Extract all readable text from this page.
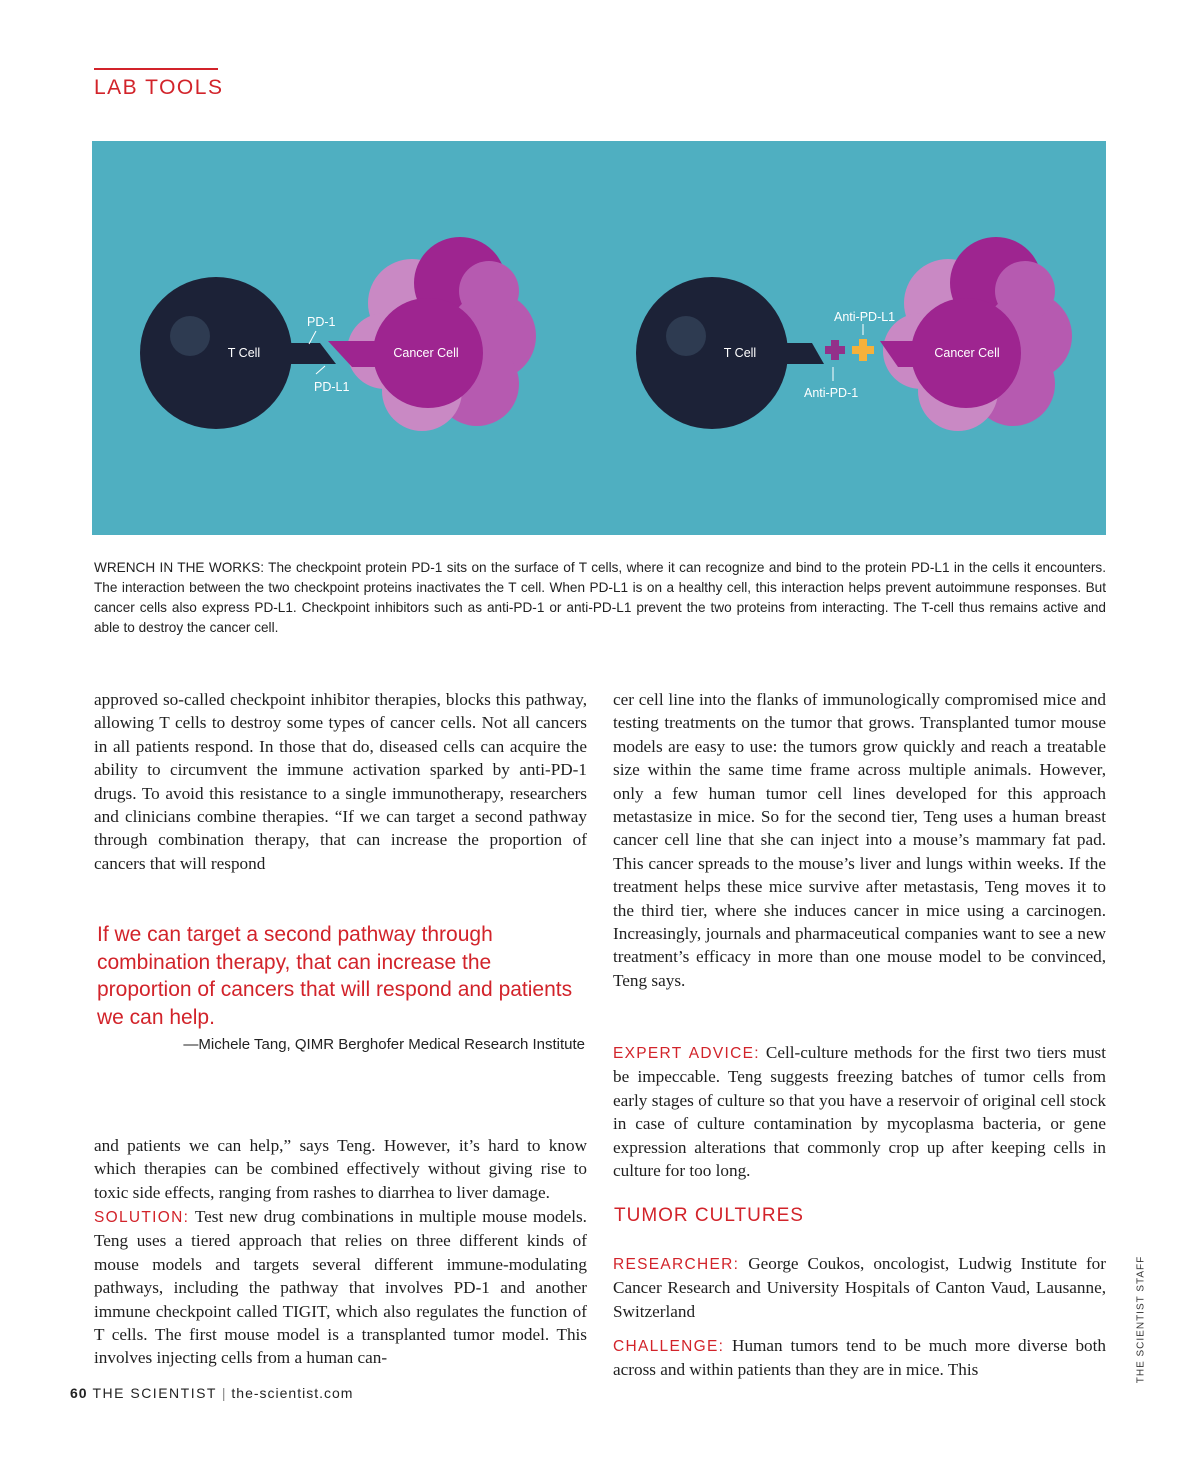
LAB TOOLS
T Cell	Cancer Cell
PD-1
PD-L1
T Cell	Cancer Cell
Anti-PD-L1
Anti-PD-1
WRENCH IN THE WORKS: The checkpoint protein PD-1 sits on the surface of T cells, where it can recognize and bind to the protein PD-L1 in the cells it encounters. The interaction between the two checkpoint proteins inactivates the T cell. When PD-L1 is on a healthy cell, this interaction helps prevent autoimmune responses. But cancer cells also express PD-L1. Checkpoint inhibitors such as anti-PD-1 or anti-PD-L1 prevent the two proteins from interacting. The T-cell thus remains active and able to destroy the cancer cell.
approved so-called checkpoint inhibitor therapies, blocks this pathway, allowing T cells to destroy some types of cancer cells. Not all cancers in all patients respond. In those that do, diseased cells can acquire the ability to circumvent the immune activation sparked by anti-PD-1 drugs. To avoid this resistance to a single immunotherapy, researchers and clinicians combine therapies. “If we can target a second pathway through combination therapy, that can increase the proportion of cancers that will respond
If we can target a second pathway through combination therapy, that can increase the proportion of cancers that will respond and patients we can help.
—Michele Tang, QIMR Berghofer Medical Research Institute
and patients we can help,” says Teng. However, it’s hard to know which therapies can be combined effectively without giving rise to toxic side effects, ranging from rashes to diarrhea to liver damage.
SOLUTION: Test new drug combinations in multiple mouse models. Teng uses a tiered approach that relies on three different kinds of mouse models and targets several different immune-modulating pathways, including the pathway that involves PD-1 and another immune checkpoint called TIGIT, which also regulates the function of T cells. The first mouse model is a transplanted tumor model. This involves injecting cells from a human can-
cer cell line into the flanks of immunologically compromised mice and testing treatments on the tumor that grows. Transplanted tumor mouse models are easy to use: the tumors grow quickly and reach a treatable size within the same time frame across multiple animals. However, only a few human tumor cell lines developed for this approach metastasize in mice. So for the second tier, Teng uses a human breast cancer cell line that she can inject into a mouse’s mammary fat pad. This cancer spreads to the mouse’s liver and lungs within weeks. If the treatment helps these mice survive after metastasis, Teng moves it to the third tier, where she induces cancer in mice using a carcinogen. Increasingly, journals and pharmaceutical companies want to see a new treatment’s efficacy in more than one mouse model to be convinced, Teng says.
EXPERT ADVICE: Cell-culture methods for the first two tiers must be impeccable. Teng suggests freezing batches of tumor cells from early stages of culture so that you have a reservoir of original cell stock in case of culture contamination by mycoplasma bacteria, or gene expression alterations that commonly crop up after keeping cells in culture for too long.
TUMOR CULTURES
RESEARCHER: George Coukos, oncologist, Ludwig Institute for Cancer Research and University Hospitals of Canton Vaud, Lausanne, Switzerland
CHALLENGE: Human tumors tend to be much more diverse both across and within patients than they are in mice. This	THE SCIENTIST STAFF
60 THE SCIENTIST | the-scientist.com
